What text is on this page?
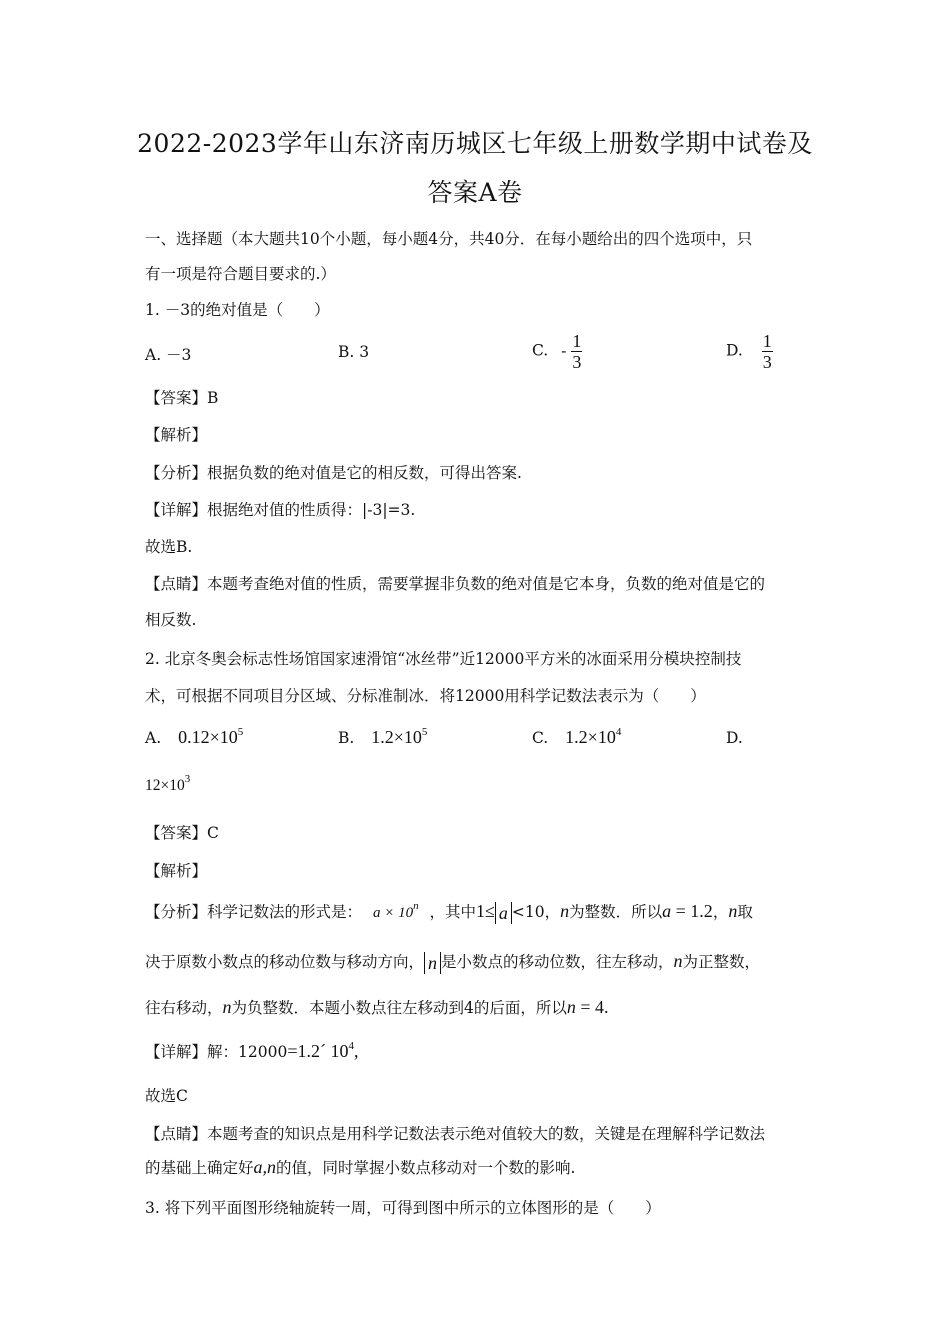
2022-2023学年山东济南历城区七年级上册数学期中试卷及
答案A卷
一、选择题（本大题共10个小题，每小题4分，共40分．在每小题给出的四个选项中，只
有一项是符合题目要求的.）
1. －3的绝对值是（　　）
A. －3	B. 3	C. - $\frac{1}{3}$	D. $\frac{1}{3}$
【答案】B
【解析】
【分析】根据负数的绝对值是它的相反数，可得出答案.
【详解】根据绝对值的性质得：|-3|=3.
故选B.
【点睛】本题考查绝对值的性质，需要掌握非负数的绝对值是它本身，负数的绝对值是它的
相反数.
2. 北京冬奥会标志性场馆国家速滑馆“冰丝带”近12000平方米的冰面采用分模块控制技
术，可根据不同项目分区域、分标准制冰．将12000用科学记数法表示为（　　）
A. $0.12\times 10^5$	B. $1.2\times 10^5$	C. $1.2\times 10^4$	D.
$12\times 10^3$
【答案】C
【解析】
【分析】科学记数法的形式是： $a \times 10^n$ ，其中1≤ a <10，n为整数．所以a = 1.2，n取
决于原数小数点的移动位数与移动方向， n 是小数点的移动位数，往左移动，n为正整数，
往右移动，n为负整数．本题小数点往左移动到4的后面，所以n = 4.
【详解】解：12000=1.2´ $10^4$,
故选C
【点睛】本题考查的知识点是用科学记数法表示绝对值较大的数，关键是在理解科学记数法
的基础上确定好a,n的值，同时掌握小数点移动对一个数的影响.
3. 将下列平面图形绕轴旋转一周，可得到图中所示的立体图形的是（　　）
